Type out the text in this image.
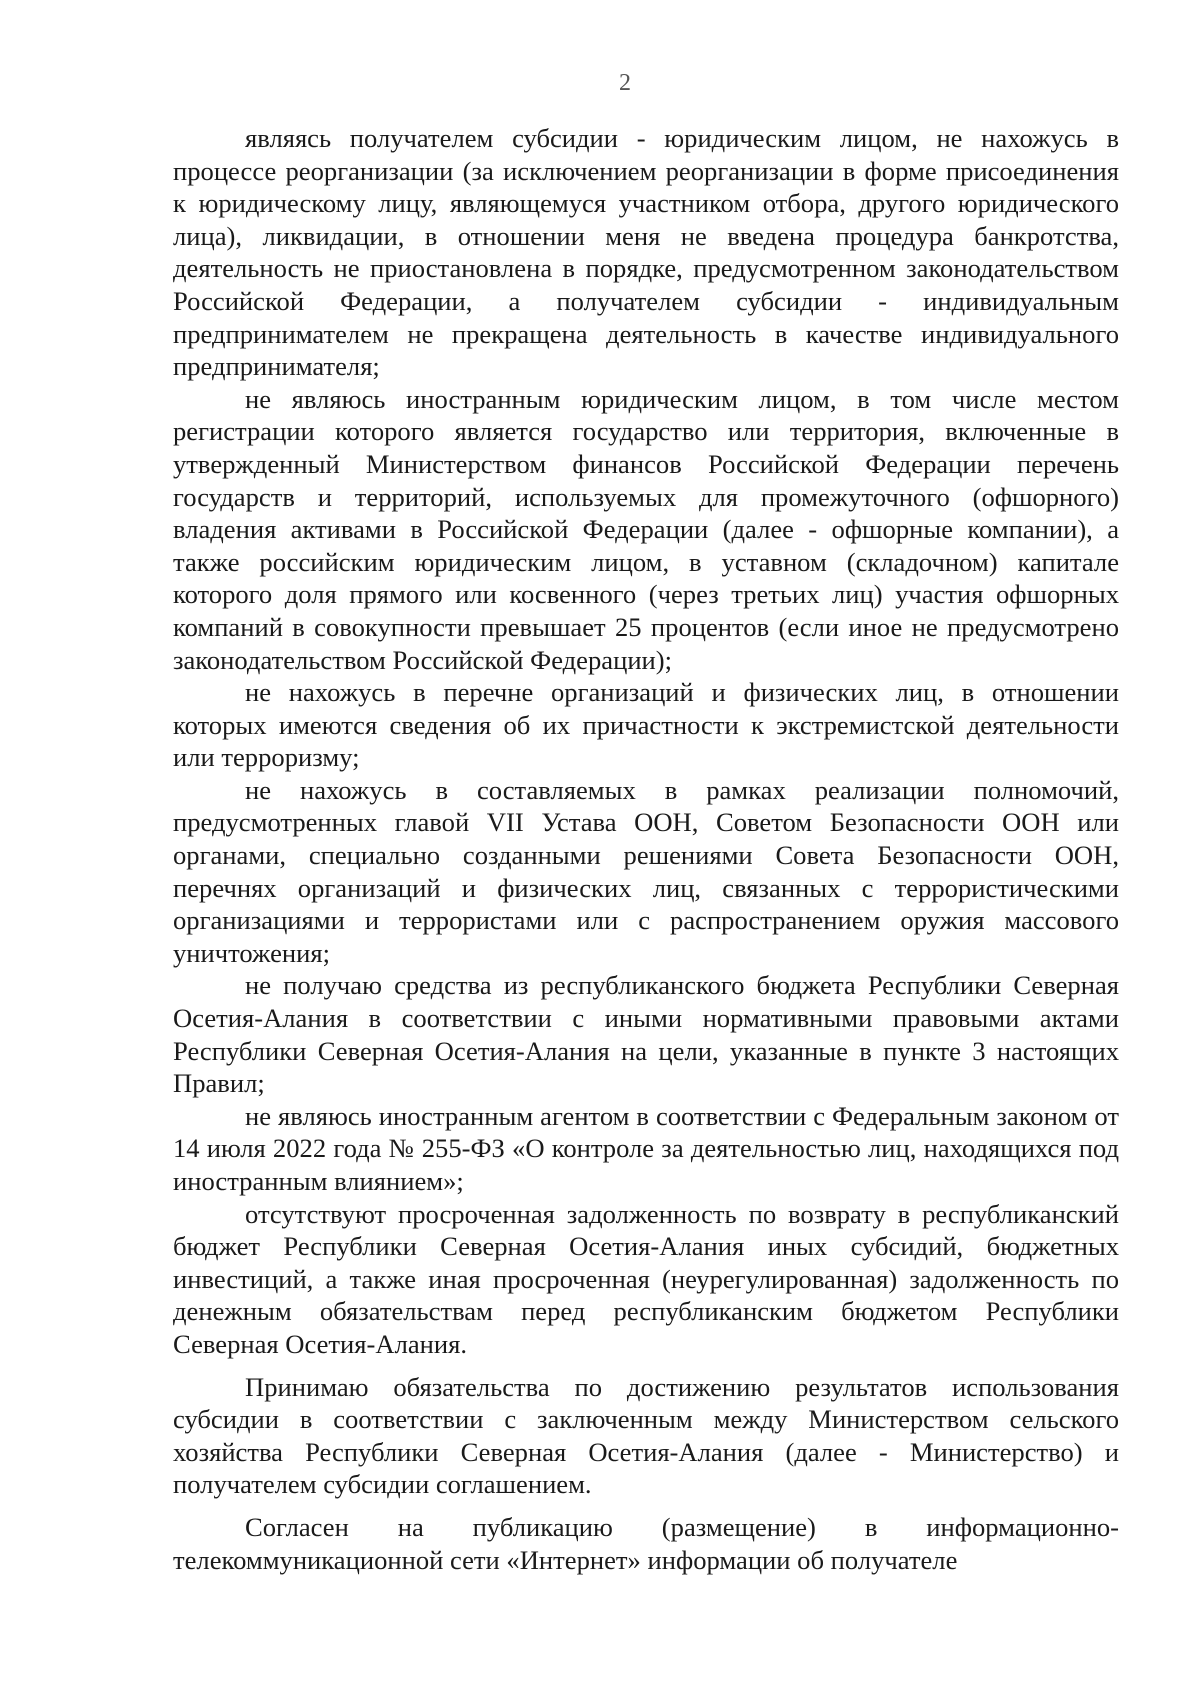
2

являясь получателем субсидии - юридическим лицом, не нахожусь в процессе реорганизации (за исключением реорганизации в форме присоединения к юридическому лицу, являющемуся участником отбора, другого юридического лица), ликвидации, в отношении меня не введена процедура банкротства, деятельность не приостановлена в порядке, предусмотренном законодательством Российской Федерации, а получателем субсидии - индивидуальным предпринимателем не прекращена деятельность в качестве индивидуального предпринимателя;

не являюсь иностранным юридическим лицом, в том числе местом регистрации которого является государство или территория, включенные в утвержденный Министерством финансов Российской Федерации перечень государств и территорий, используемых для промежуточного (офшорного) владения активами в Российской Федерации (далее - офшорные компании), а также российским юридическим лицом, в уставном (складочном) капитале которого доля прямого или косвенного (через третьих лиц) участия офшорных компаний в совокупности превышает 25 процентов (если иное не предусмотрено законодательством Российской Федерации);

не нахожусь в перечне организаций и физических лиц, в отношении которых имеются сведения об их причастности к экстремистской деятельности или терроризму;

не нахожусь в составляемых в рамках реализации полномочий, предусмотренных главой VII Устава ООН, Советом Безопасности ООН или органами, специально созданными решениями Совета Безопасности ООН, перечнях организаций и физических лиц, связанных с террористическими организациями и террористами или с распространением оружия массового уничтожения;

не получаю средства из республиканского бюджета Республики Северная Осетия-Алания в соответствии с иными нормативными правовыми актами Республики Северная Осетия-Алания на цели, указанные в пункте 3 настоящих Правил;

не являюсь иностранным агентом в соответствии с Федеральным законом от 14 июля 2022 года № 255-ФЗ «О контроле за деятельностью лиц, находящихся под иностранным влиянием»;

отсутствуют просроченная задолженность по возврату в республиканский бюджет Республики Северная Осетия-Алания иных субсидий, бюджетных инвестиций, а также иная просроченная (неурегулированная) задолженность по денежным обязательствам перед республиканским бюджетом Республики Северная Осетия-Алания.

Принимаю обязательства по достижению результатов использования субсидии в соответствии с заключенным между Министерством сельского хозяйства Республики Северная Осетия-Алания (далее - Министерство) и получателем субсидии соглашением.

Согласен на публикацию (размещение) в информационно-телекоммуникационной сети «Интернет» информации об получателе
